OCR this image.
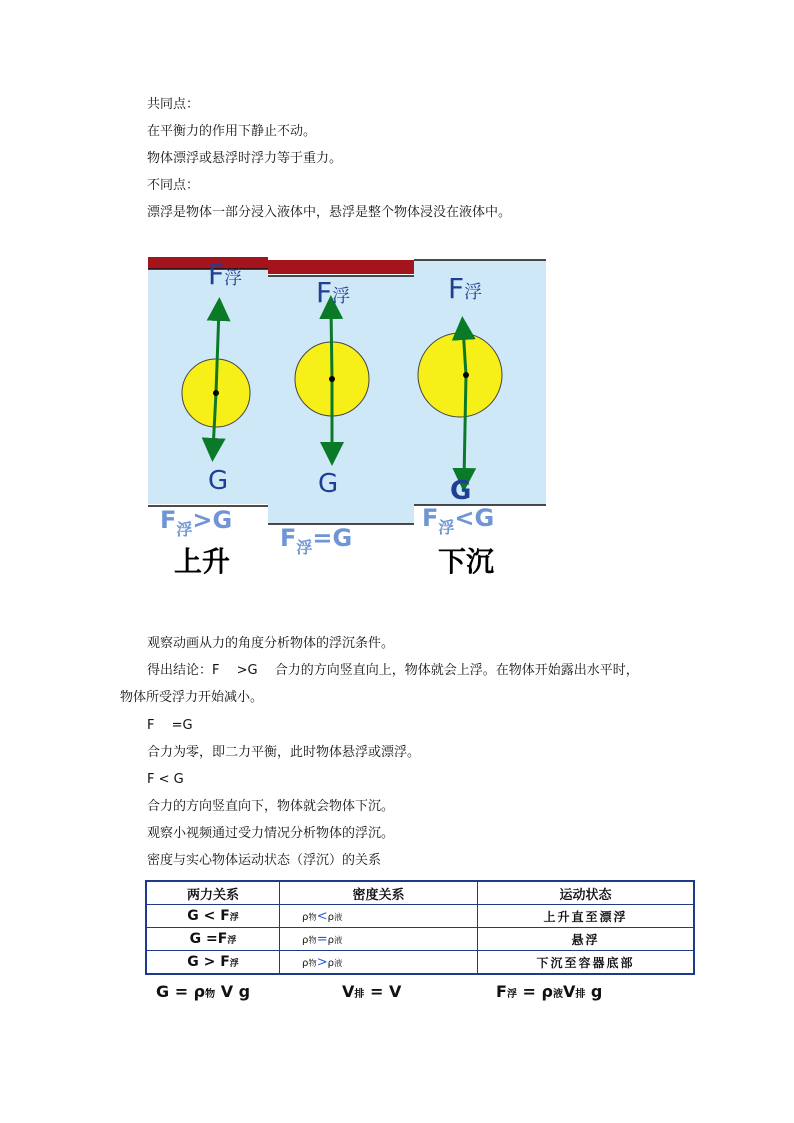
共同点：
在平衡力的作用下静止不动。
物体漂浮或悬浮时浮力等于重力。
不同点：
漂浮是物体一部分浸入液体中，悬浮是整个物体浸没在液体中。
F浮	F浮	F浮
G	G	G
$F_浮>G$
上升
$F_浮=G$
$F_浮<G$
下沉
观察动画从力的角度分析物体的浮沉条件。
得出结论：F　 >G　 合力的方向竖直向上，物体就会上浮。在物体开始露出水平时，
物体所受浮力开始减小。
F　 =G
合力为零，即二力平衡，此时物体悬浮或漂浮。
F < G
合力的方向竖直向下，物体就会物体下沉。
观察小视频通过受力情况分析物体的浮沉。
密度与实心物体运动状态（浮沉）的关系
两力关系	密度关系	运动状态
G < F浮	ρ物<ρ液	上升直至漂浮
G =F浮	ρ物=ρ液	悬浮
G > F浮	ρ物>ρ液	下沉至容器底部
G = ρ物 V g	V排 = V	F浮 = ρ液V排 g
